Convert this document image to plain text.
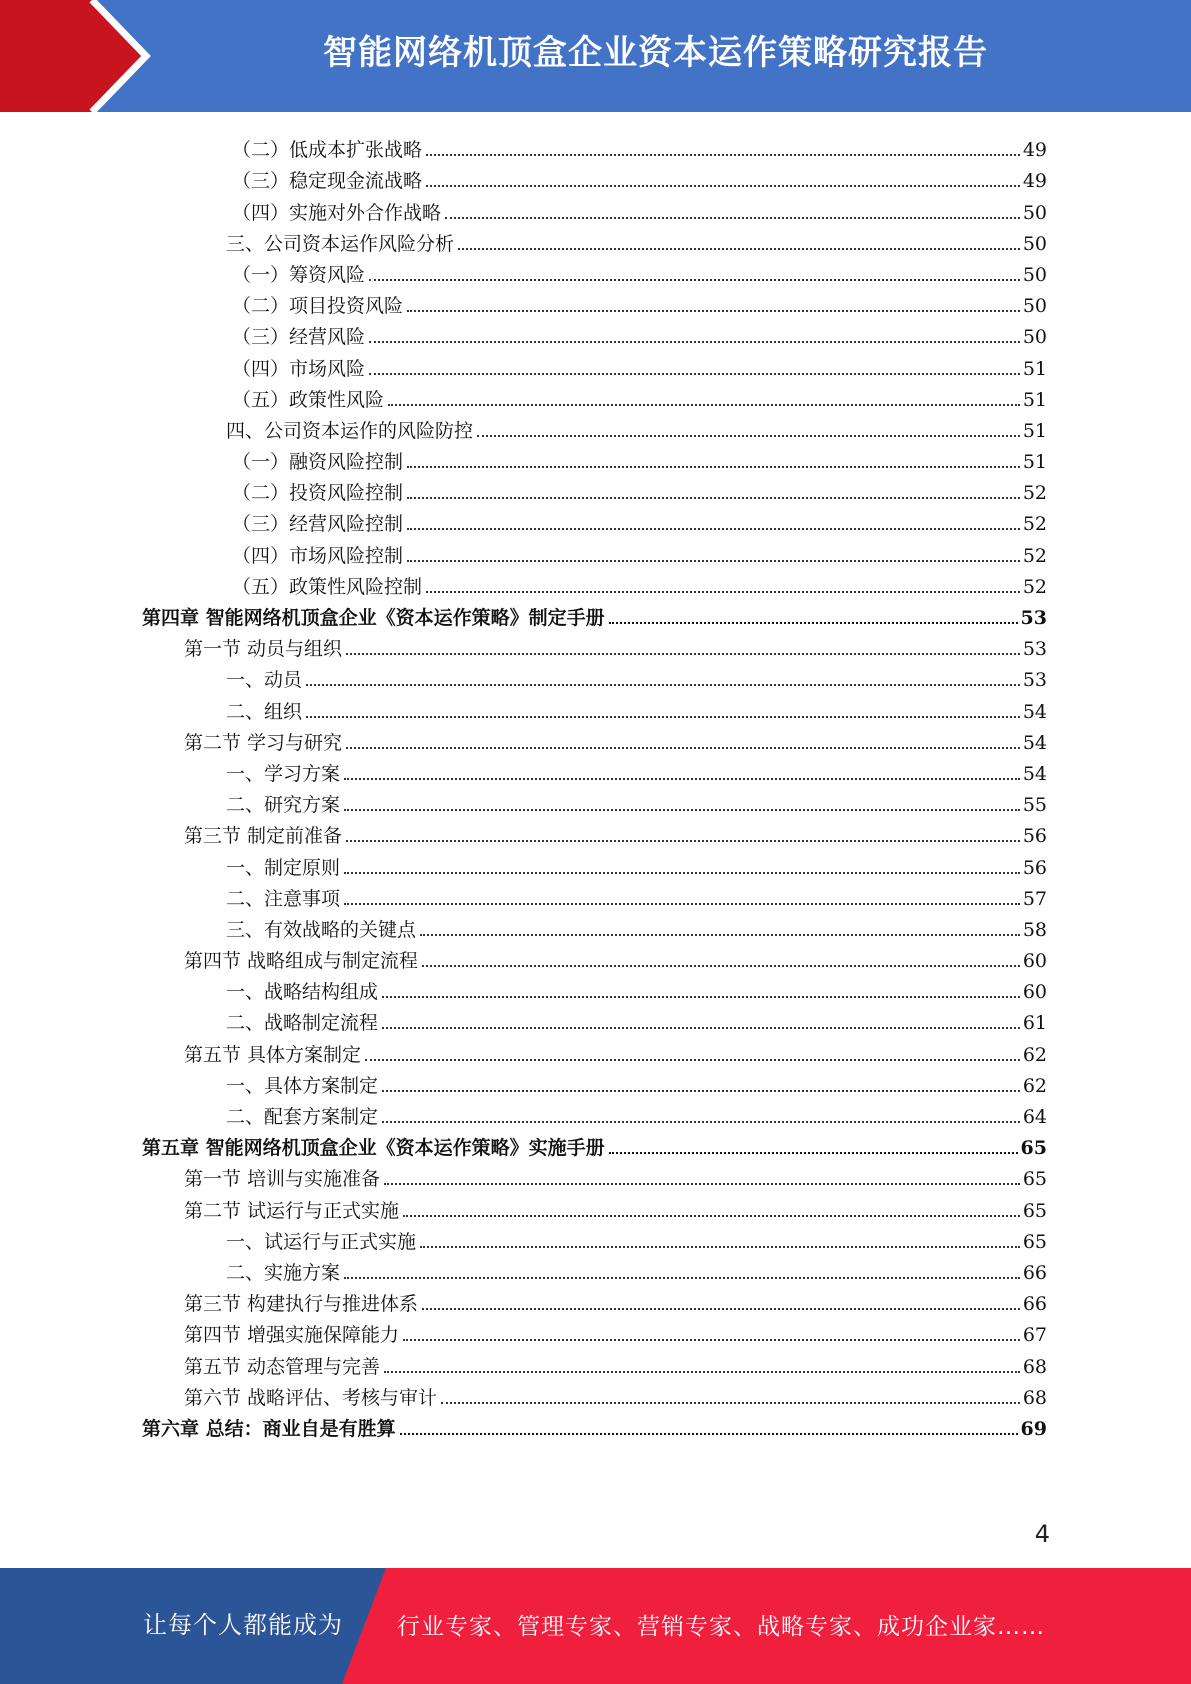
智能网络机顶盒企业资本运作策略研究报告
（二）低成本扩张战略	49
（三）稳定现金流战略	49
（四）实施对外合作战略	50
三、公司资本运作风险分析	50
（一）筹资风险	50
（二）项目投资风险	50
（三）经营风险	50
（四）市场风险	51
（五）政策性风险	51
四、公司资本运作的风险防控	51
（一）融资风险控制	51
（二）投资风险控制	52
（三）经营风险控制	52
（四）市场风险控制	52
（五）政策性风险控制	52
第四章 智能网络机顶盒企业《资本运作策略》制定手册	53
第一节 动员与组织	53
一、动员	53
二、组织	54
第二节 学习与研究	54
一、学习方案	54
二、研究方案	55
第三节 制定前准备	56
一、制定原则	56
二、注意事项	57
三、有效战略的关键点	58
第四节 战略组成与制定流程	60
一、战略结构组成	60
二、战略制定流程	61
第五节 具体方案制定	62
一、具体方案制定	62
二、配套方案制定	64
第五章 智能网络机顶盒企业《资本运作策略》实施手册	65
第一节 培训与实施准备	65
第二节 试运行与正式实施	65
一、试运行与正式实施	65
二、实施方案	66
第三节 构建执行与推进体系	66
第四节 增强实施保障能力	67
第五节 动态管理与完善	68
第六节 战略评估、考核与审计	68
第六章 总结：商业自是有胜算	69
4
让每个人都能成为 行业专家、管理专家、营销专家、战略专家、成功企业家……
